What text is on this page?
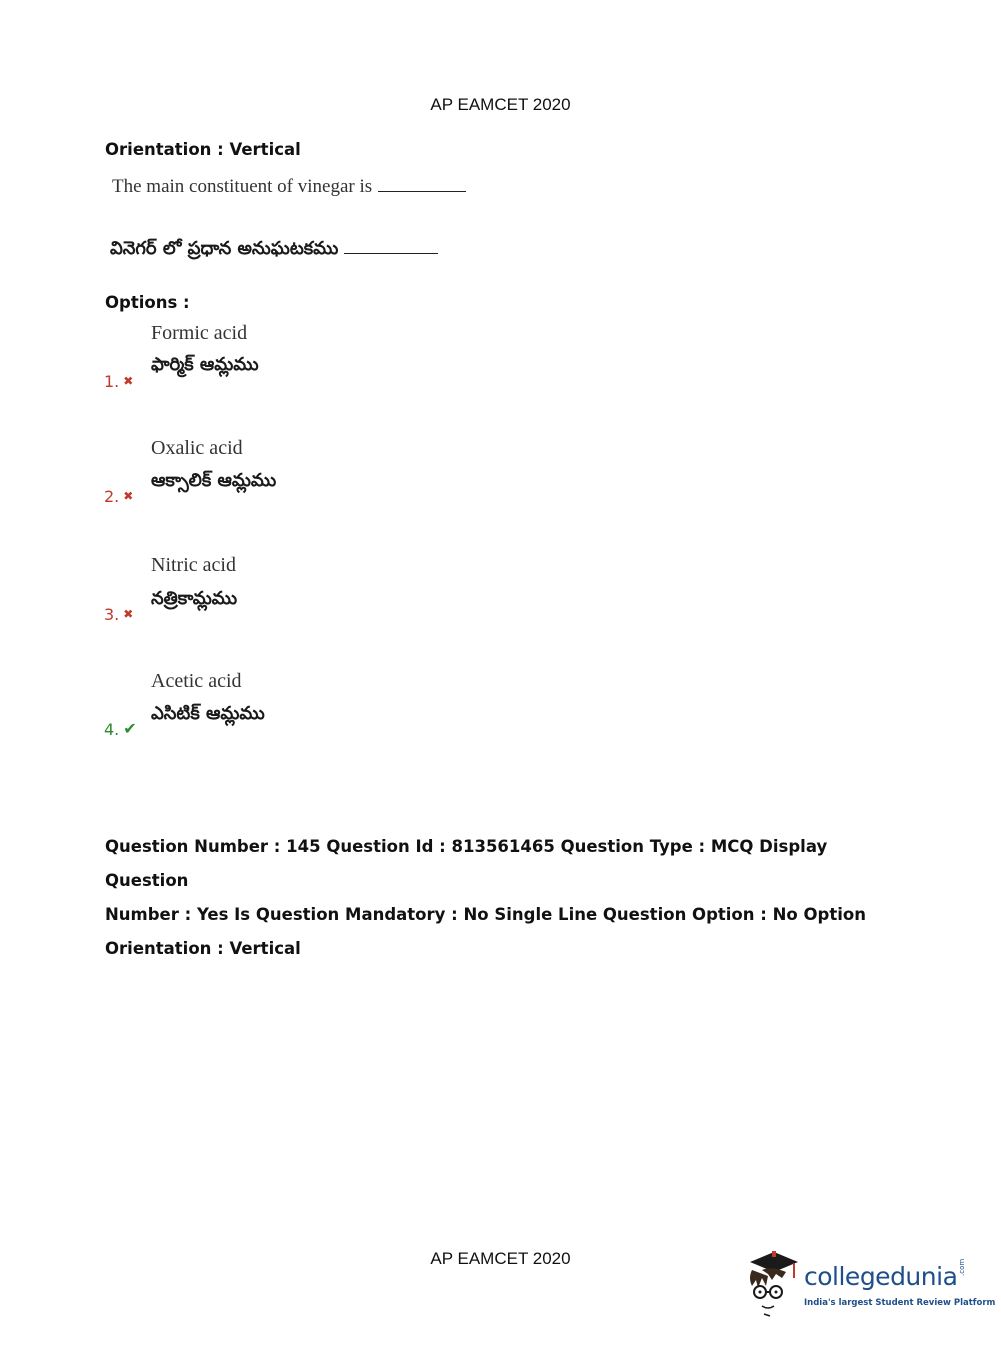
AP EAMCET 2020
Orientation : Vertical
The main constituent of vinegar is
వినెగర్ లో ప్రధాన అనుఘటకము
Options :
Formic acid
ఫార్మిక్ ఆమ్లము
1. ✖
Oxalic acid
ఆక్సాలిక్ ఆమ్లము
2. ✖
Nitric acid
నత్రికామ్లము
3. ✖
Acetic acid
ఎసిటిక్ ఆమ్లము
4. ✔
Question Number : 145 Question Id : 813561465 Question Type : MCQ Display Question
Number : Yes Is Question Mandatory : No Single Line Question Option : No Option
Orientation : Vertical
AP EAMCET 2020
collegedunia .com
India's largest Student Review Platform
